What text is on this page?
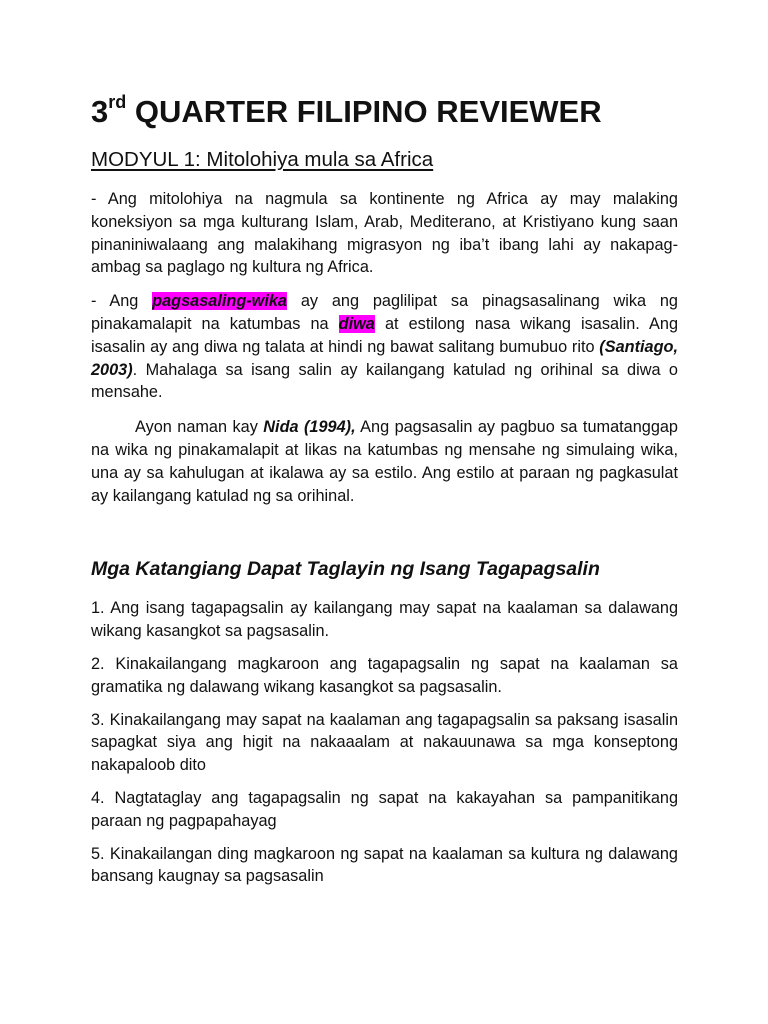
3rd QUARTER FILIPINO REVIEWER
MODYUL 1: Mitolohiya mula sa Africa

- Ang mitolohiya na nagmula sa kontinente ng Africa ay may malaking koneksiyon sa mga kulturang Islam, Arab, Mediterano, at Kristiyano kung saan pinaniniwalaang ang malakihang migrasyon ng iba’t ibang lahi ay nakapag-ambag sa paglago ng kultura ng Africa.

- Ang pagsasaling-wika ay ang paglilipat sa pinagsasalinang wika ng pinakamalapit na katumbas na diwa at estilong nasa wikang isasalin. Ang isasalin ay ang diwa ng talata at hindi ng bawat salitang bumubuo rito (Santiago, 2003). Mahalaga sa isang salin ay kailangang katulad ng orihinal sa diwa o mensahe.

Ayon naman kay Nida (1994), Ang pagsasalin ay pagbuo sa tumatanggap na wika ng pinakamalapit at likas na katumbas ng mensahe ng simulaing wika, una ay sa kahulugan at ikalawa ay sa estilo. Ang estilo at paraan ng pagkasulat ay kailangang katulad ng sa orihinal.

Mga Katangiang Dapat Taglayin ng Isang Tagapagsalin

1. Ang isang tagapagsalin ay kailangang may sapat na kaalaman sa dalawang wikang kasangkot sa pagsasalin.

2. Kinakailangang magkaroon ang tagapagsalin ng sapat na kaalaman sa gramatika ng dalawang wikang kasangkot sa pagsasalin.

3. Kinakailangang may sapat na kaalaman ang tagapagsalin sa paksang isasalin sapagkat siya ang higit na nakaaalam at nakauunawa sa mga konseptong nakapaloob dito

4. Nagtataglay ang tagapagsalin ng sapat na kakayahan sa pampanitikang paraan ng pagpapahayag

5. Kinakailangan ding magkaroon ng sapat na kaalaman sa kultura ng dalawang bansang kaugnay sa pagsasalin
